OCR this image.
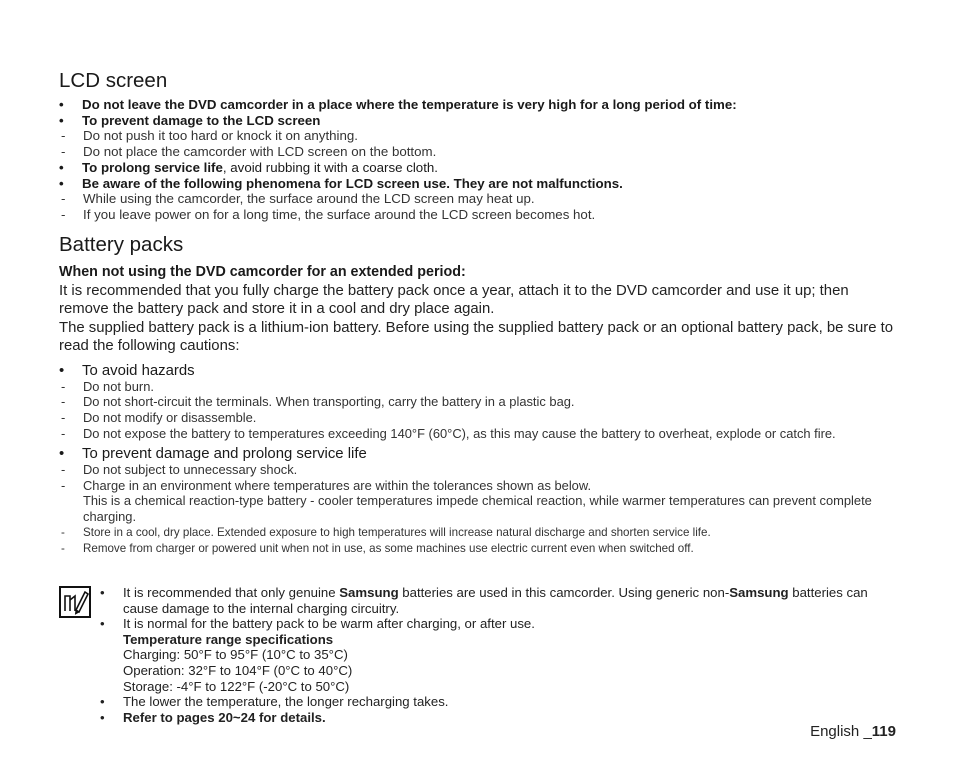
LCD screen
• Do not leave the DVD camcorder in a place where the temperature is very high for a long period of time:
• To prevent damage to the LCD screen
- Do not push it too hard or knock it on anything.
- Do not place the camcorder with LCD screen on the bottom.
• To prolong service life, avoid rubbing it with a coarse cloth.
• Be aware of the following phenomena for LCD screen use. They are not malfunctions.
- While using the camcorder, the surface around the LCD screen may heat up.
- If you leave power on for a long time, the surface around the LCD screen becomes hot.
Battery packs
When not using the DVD camcorder for an extended period:
It is recommended that you fully charge the battery pack once a year, attach it to the DVD camcorder and use it up; then remove the battery pack and store it in a cool and dry place again.
The supplied battery pack is a lithium-ion battery. Before using the supplied battery pack or an optional battery pack, be sure to read the following cautions:
• To avoid hazards
- Do not burn.
- Do not short-circuit the terminals. When transporting, carry the battery in a plastic bag.
- Do not modify or disassemble.
- Do not expose the battery to temperatures exceeding 140°F (60°C), as this may cause the battery to overheat, explode or catch fire.
• To prevent damage and prolong service life
- Do not subject to unnecessary shock.
- Charge in an environment where temperatures are within the tolerances shown as below.
This is a chemical reaction-type battery - cooler temperatures impede chemical reaction, while warmer temperatures can prevent complete charging.
- Store in a cool, dry place. Extended exposure to high temperatures will increase natural discharge and shorten service life.
- Remove from charger or powered unit when not in use, as some machines use electric current even when switched off.
• It is recommended that only genuine Samsung batteries are used in this camcorder. Using generic non-Samsung batteries can cause damage to the internal charging circuitry.
• It is normal for the battery pack to be warm after charging, or after use.
Temperature range specifications
Charging: 50°F to 95°F (10°C to 35°C)
Operation: 32°F to 104°F (0°C to 40°C)
Storage: -4°F to 122°F (-20°C to 50°C)
• The lower the temperature, the longer recharging takes.
• Refer to pages 20~24 for details.
English _119
